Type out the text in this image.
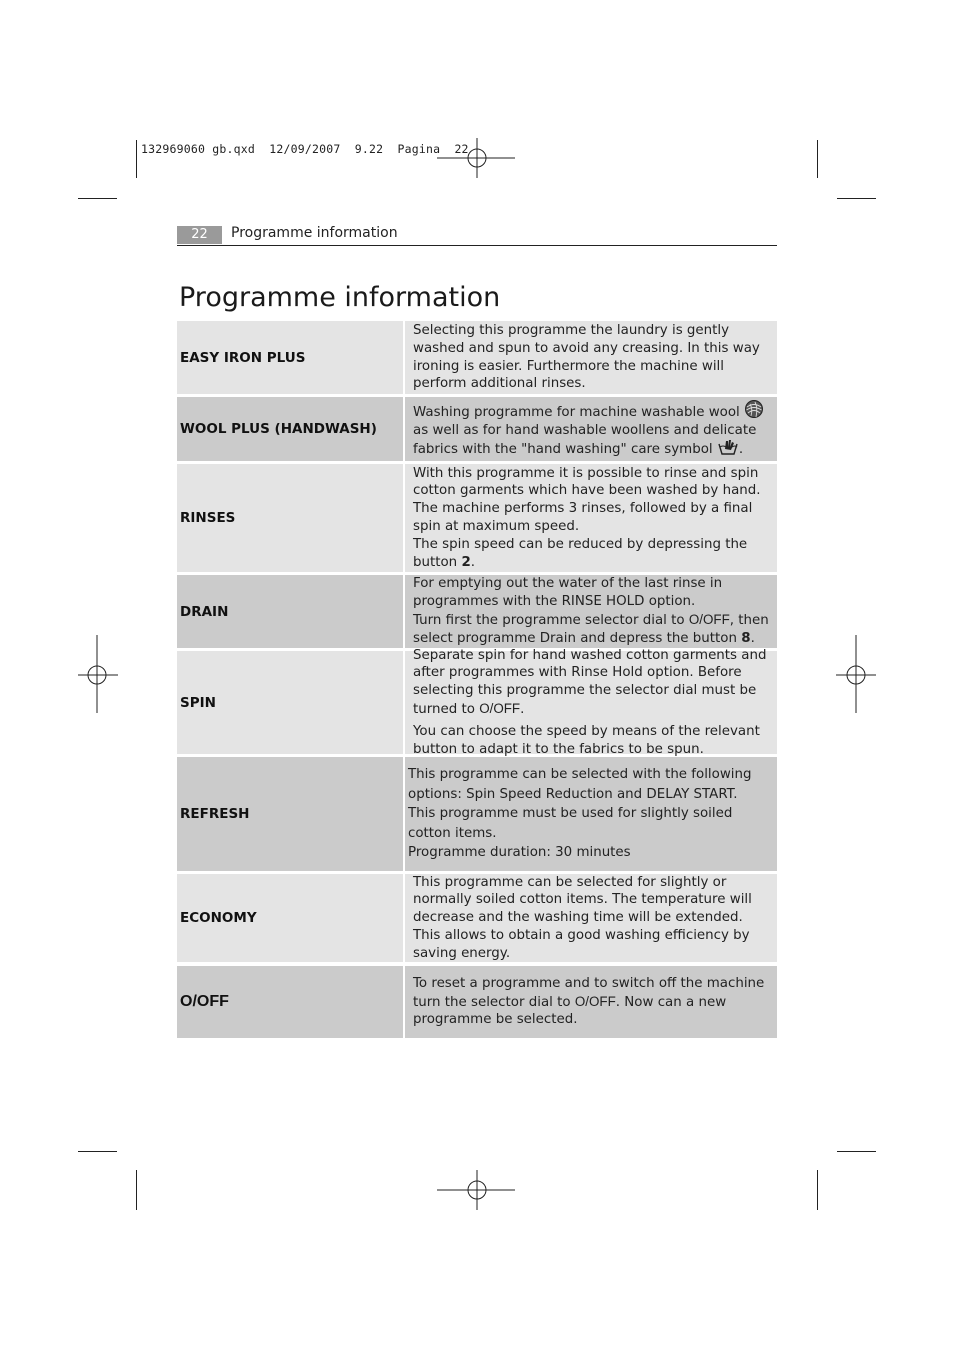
132969060 gb.qxd  12/09/2007  9.22  Pagina  22
22	Programme information
Programme information
EASY IRON PLUS

Selecting this programme the laundry is gently washed and spun to avoid any creasing. In this way ironing is easier. Furthermore the machine will perform additional rinses.

WOOL PLUS (HANDWASH)

Washing programme for machine washable wool  as well as for hand washable woollens and delicate fabrics with the "hand washing" care symbol .

RINSES

With this programme it is possible to rinse and spin cotton garments which have been washed by hand.

The machine performs 3 rinses, followed by a final spin at maximum speed.

The spin speed can be reduced by depressing the button 2.

DRAIN

For emptying out the water of the last rinse in programmes with the RINSE HOLD option.

Turn first the programme selector dial to O/OFF, then select programme Drain and depress the button 8.

SPIN

Separate spin for hand washed cotton garments and after programmes with Rinse Hold option. Before selecting this programme the selector dial must be turned to O/OFF.

You can choose the speed by means of the relevant button to adapt it to the fabrics to be spun.

REFRESH

This programme can be selected with the following options: Spin Speed Reduction and DELAY START.

This programme must be used for slightly soiled cotton items.

Programme duration: 30 minutes

ECONOMY

This programme can be selected for slightly or normally soiled cotton items. The temperature will decrease and the washing time will be extended. This allows to obtain a good washing efficiency by saving energy.

O/OFF

To reset a programme and to switch off the machine turn the selector dial to O/OFF. Now can a new programme be selected.
